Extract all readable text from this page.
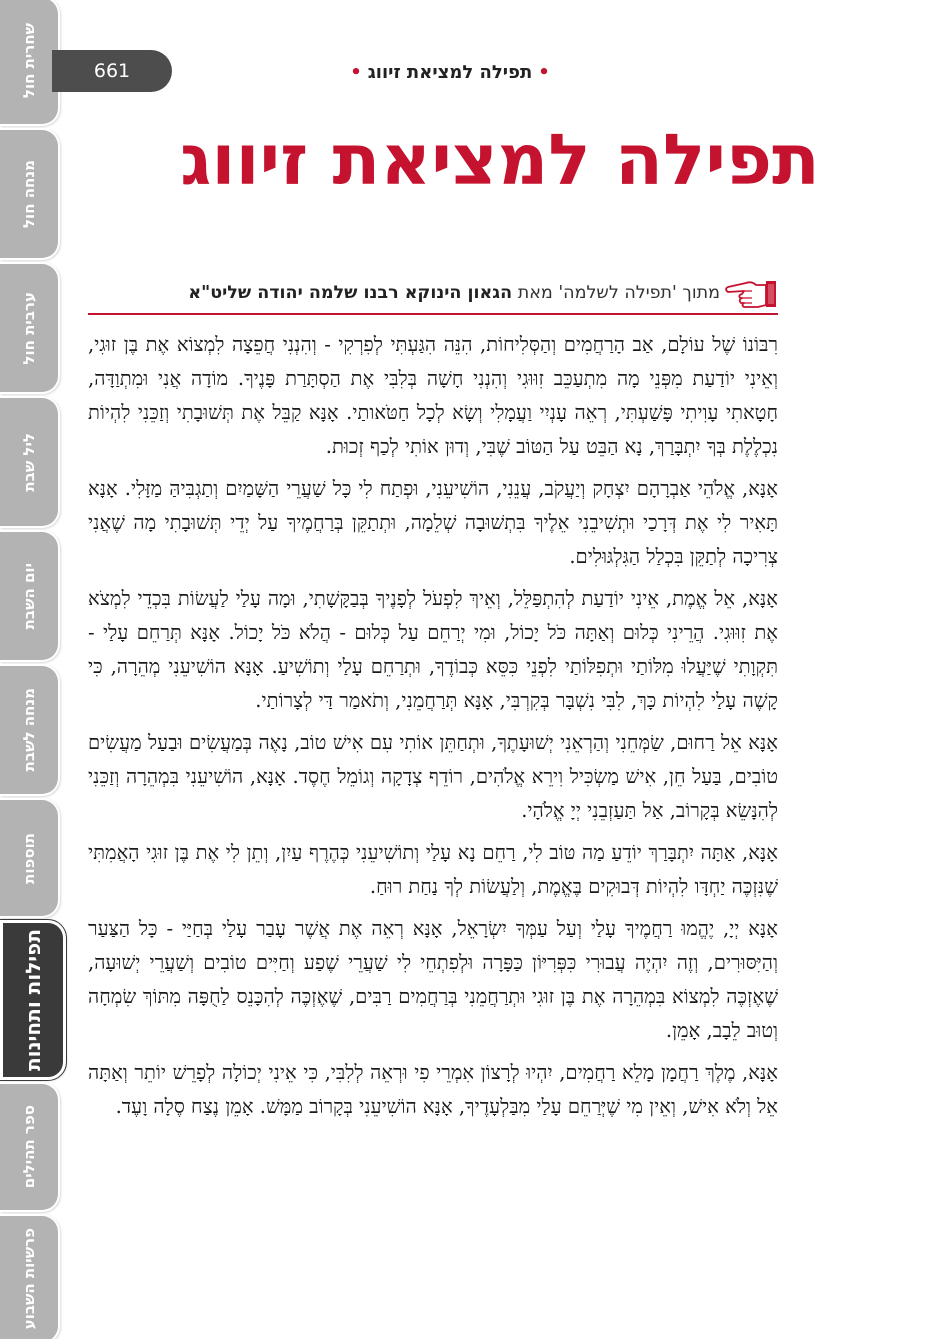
שחרית חול
מנחה חול
ערבית חול
ליל שבת
יום השבת
מנחה לשבת
תוספות
תפילות ותחינות
ספר תהילים
פרשיות השבוע
661	•תפילה למציאת זיווג•
תפילה למציאת זיווג
מתוך 'תפילה לשלמה' מאת הגאון הינוקא רבנו שלמה יהודה שליט"א

רִבּוֹנוֹ שֶׁל עוֹלָם, אַב הָרַחֲמִים וְהַסְּלִיחוֹת, הִנֵּה הִגַּעְתִּי לְפִרְקִי - וְהִנְנִי חֲפֵצָה לִמְצוֹא אֶת בֶּן זוּגִי, וְאֵינִי יוֹדַעַת מִפְּנֵי מָה מִתְעַכֵּב זִוּוּגִי וְהִנְנִי חָשָׁה בְּלִבִּי אֶת הַסְתָּרַת פָּנֶיךָ. מוֹדָה אֲנִי וּמִתְוַדָּה, חָטָאתִי עָוִיתִי פָּשַׁעְתִּי, רְאֵה עָנְיִי וַעֲמָלִי וְשָׂא לְכָל חַטֹּאותַי. אָנָּא קַבֵּל אֶת תְּשׁוּבָתִי וְזַכֵּנִי לִהְיוֹת נִכְלֶלֶת בְּךָ יִתְבָּרַךְ, נָא הַבֵּט עַל הַטּוֹב שֶׁבִּי, וְדוּן אוֹתִי לְכַף זְכוּת.

אָנָּא, אֱלֹהֵי אַבְרָהָם יִצְחָק וְיַעֲקֹב, עֲנֵנִי, הוֹשִׁיעֵנִי, וּפְתַח לִי כָּל שַׁעֲרֵי הַשָּׁמַיִם וְתַגְבִּיהַּ מַזָּלִי. אָנָּא תָּאִיר לִי אֶת דְּרָכַי וּתְשִׁיבֵנִי אֵלֶיךָ בִּתְשׁוּבָה שְׁלֵמָה, וּתְתַקֵּן בְּרַחֲמֶיךָ עַל יְדֵי תְּשׁוּבָתִי מָה שֶׁאֲנִי צְרִיכָה לְתַקֵּן בִּכְלַל הַגִּלְגּוּלִים.

אָנָּא, אֵל אֱמֶת, אֵינִי יוֹדַעַת לְהִתְפַּלֵּל, וְאֵיךְ לִפְעֹל לְפָנֶיךָ בְּבַקָּשָׁתִי, וּמָה עָלַי לַעֲשׂוֹת בִּכְדֵי לִמְצֹא אֶת זִוּוּגִי. הֲרֵינִי כְּלוּם וְאַתָּה כֹּל יָכוֹל, וּמִי יְרַחֵם עַל כְּלוּם - הֲלֹא כֹּל יָכוֹל. אָנָּא תְּרַחֵם עָלַי - תִּקְוָתִי שֶׁיַּעֲלוּ מִלּוֹתַי וּתְפִלּוֹתַי לִפְנֵי כִּסֵּא כְּבוֹדֶךָ, וּתְרַחֵם עָלַי וְתוֹשִׁיעַ. אָנָּא הוֹשִׁיעֵנִי מְהֵרָה, כִּי קָשֶׁה עָלַי לִהְיוֹת כָּךְ, לִבִּי נִשְׁבָּר בְּקִרְבִּי, אָנָּא תְּרַחֲמֵנִי, וְתֹאמַר דַּי לְצָרוֹתַי.

אָנָּא אֵל רַחוּם, שַׂמְּחֵנִי וְהַרְאֵנִי יְשׁוּעָתֶךָ, וּתְחַתֵּן אוֹתִי עִם אִישׁ טוֹב, נָאֶה בְּמַעֲשִׂים וּבַעַל מַעֲשִׂים טוֹבִים, בַּעַל חֵן, אִישׁ מַשְׂכִּיל וִירֵא אֱלֹהִים, רוֹדֵף צְדָקָה וְגוֹמֵל חֶסֶד. אָנָּא, הוֹשִׁיעֵנִי בִּמְהֵרָה וְזַכֵּנִי לְהִנָּשֵׂא בְּקָרוֹב, אַל תַּעַזְבֵנִי יְיָ אֱלֹהָי.

אָנָּא, אַתָּה יִתְבָּרַךְ יוֹדֵעַ מַה טּוֹב לִי, רַחֵם נָא עָלַי וְתוֹשִׁיעֵנִי כְּהֶרֶף עַיִן, וְתֵן לִי אֶת בֶּן זוּגִי הָאֲמִתִּי שֶׁנִּזְכֶּה יַחְדָּו לִהְיוֹת דְּבוּקִים בֶּאֱמֶת, וְלַעֲשׂוֹת לְךָ נַחַת רוּחַ.

אָנָּא יְיָ, יֶהֱמוּ רַחֲמֶיךָ עָלַי וְעַל עַמְּךָ יִשְׂרָאֵל, אָנָּא רְאֵה אֶת אֲשֶׁר עָבַר עָלַי בְּחַיַּי - כָּל הַצַּעַר וְהַיִּסּוּרִים, וְזֶה יִהְיֶה עֲבוּרִי כִּפְּרִיּוֹן כַּפָּרָה וּלְפִתְחֵי לִי שַׁעֲרֵי שֶׁפַע וְחַיִּים טוֹבִים וְשַׁעֲרֵי יְשׁוּעָה, שֶׁאֶזְכֶּה לִמְצוֹא בִּמְהֵרָה אֶת בֶּן זוּגִי וּתְרַחֲמֵנִי בְּרַחֲמִים רַבִּים, שֶׁאֶזְכֶּה לְהִכָּנֵס לַחֻפָּה מִתּוֹךְ שִׂמְחָה וְטוּב לֵבָב, אָמֵן.

אָנָּא, מֶלֶךְ רַחֲמָן מָלֵא רַחֲמִים, יִהְיוּ לְרָצוֹן אִמְרֵי פִי וּרְאֵה לְלִבִּי, כִּי אֵינִי יְכוֹלָה לְפָרֵשׁ יוֹתֵר וְאַתָּה אֵל וְלֹא אִישׁ, וְאֵין מִי שֶׁיְּרַחֵם עָלַי מִבַּלְעָדֶיךָ, אָנָּא הוֹשִׁיעֵנִי בְּקָרוֹב מַמָּשׁ. אָמֵן נֶצַח סֶלָה וָעֶד.
